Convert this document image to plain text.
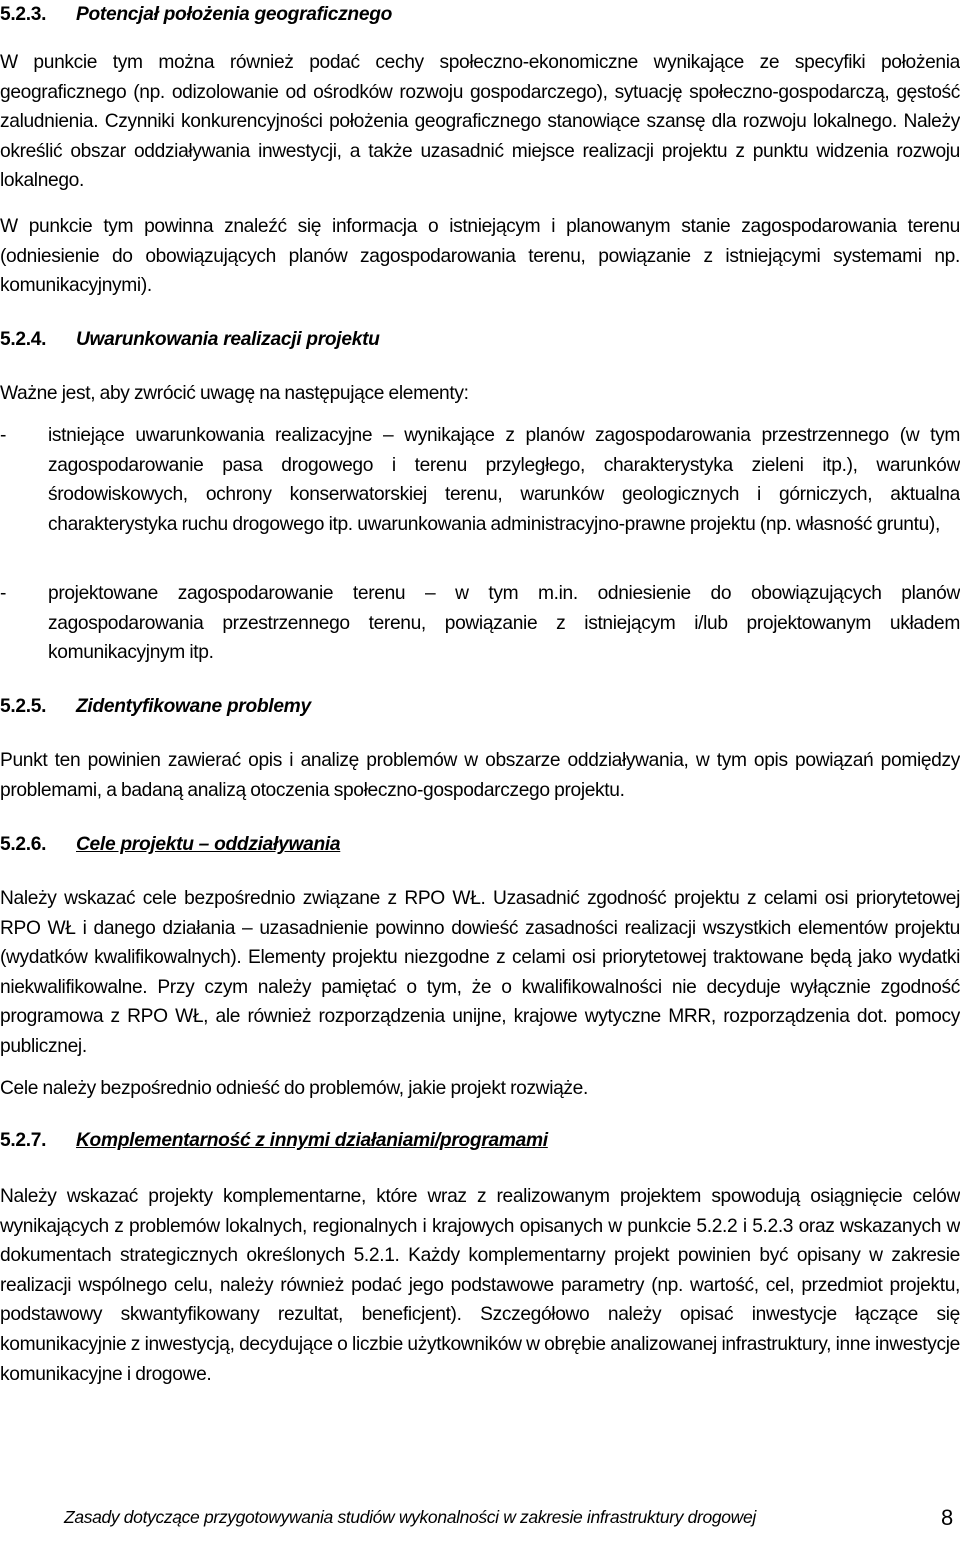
5.2.3. Potencjał położenia geograficznego
W punkcie tym można również podać cechy społeczno-ekonomiczne wynikające ze specyfiki położenia geograficznego (np. odizolowanie od ośrodków rozwoju gospodarczego), sytuację społeczno-gospodarczą, gęstość zaludnienia. Czynniki konkurencyjności położenia geograficznego stanowiące szansę dla rozwoju lokalnego. Należy określić obszar oddziaływania inwestycji, a także uzasadnić miejsce realizacji projektu z punktu widzenia rozwoju lokalnego.
W punkcie tym powinna znaleźć się informacja o istniejącym i planowanym stanie zagospodarowania terenu (odniesienie do obowiązujących planów zagospodarowania terenu, powiązanie z istniejącymi systemami np. komunikacyjnymi).
5.2.4. Uwarunkowania realizacji projektu
Ważne jest, aby zwrócić uwagę na następujące elementy:
- istniejące uwarunkowania realizacyjne – wynikające z planów zagospodarowania przestrzennego (w tym zagospodarowanie pasa drogowego i terenu przyległego, charakterystyka zieleni itp.), warunków środowiskowych, ochrony konserwatorskiej terenu, warunków geologicznych i górniczych, aktualna charakterystyka ruchu drogowego itp. uwarunkowania administracyjno-prawne projektu (np. własność gruntu),
- projektowane zagospodarowanie terenu – w tym m.in. odniesienie do obowiązujących planów zagospodarowania przestrzennego terenu, powiązanie z istniejącym i/lub projektowanym układem komunikacyjnym itp.
5.2.5. Zidentyfikowane problemy
Punkt ten powinien zawierać opis i analizę problemów w obszarze oddziaływania, w tym opis powiązań pomiędzy problemami, a badaną analizą otoczenia społeczno-gospodarczego projektu.
5.2.6. Cele projektu – oddziaływania
Należy wskazać cele bezpośrednio związane z RPO WŁ. Uzasadnić zgodność projektu z celami osi priorytetowej RPO WŁ i danego działania – uzasadnienie powinno dowieść zasadności realizacji wszystkich elementów projektu (wydatków kwalifikowalnych). Elementy projektu niezgodne z celami osi priorytetowej traktowane będą jako wydatki niekwalifikowalne. Przy czym należy pamiętać o tym, że o kwalifikowalności nie decyduje wyłącznie zgodność programowa z RPO WŁ, ale również rozporządzenia unijne, krajowe wytyczne MRR, rozporządzenia dot. pomocy publicznej.
Cele należy bezpośrednio odnieść do problemów, jakie projekt rozwiąże.
5.2.7. Komplementarność z innymi działaniami/programami
Należy wskazać projekty komplementarne, które wraz z realizowanym projektem spowodują osiągnięcie celów wynikających z problemów lokalnych, regionalnych i krajowych opisanych w punkcie 5.2.2 i 5.2.3 oraz wskazanych w dokumentach strategicznych określonych 5.2.1. Każdy komplementarny projekt powinien być opisany w zakresie realizacji wspólnego celu, należy również podać jego podstawowe parametry (np. wartość, cel, przedmiot projektu, podstawowy skwantyfikowany rezultat, beneficjent). Szczegółowo należy opisać inwestycje łączące się komunikacyjnie z inwestycją, decydujące o liczbie użytkowników w obrębie analizowanej infrastruktury, inne inwestycje komunikacyjne i drogowe.
Zasady dotyczące przygotowywania studiów wykonalności w zakresie infrastruktury drogowej	8
